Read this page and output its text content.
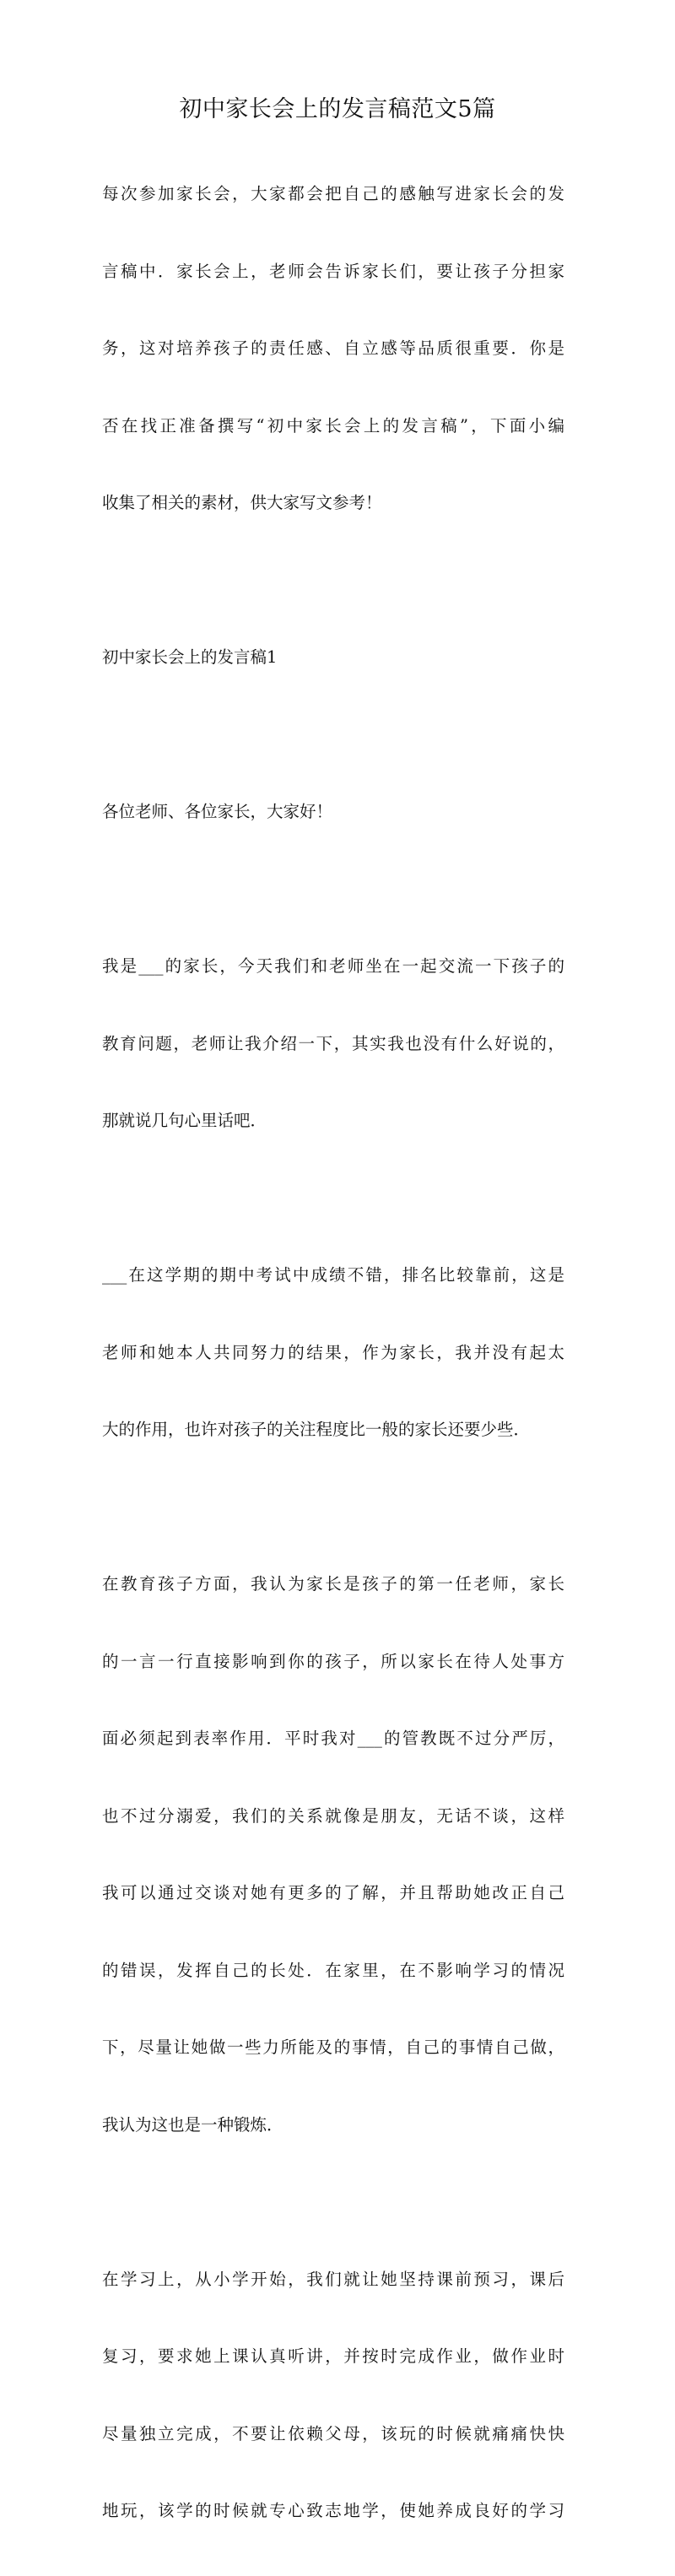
初中家长会上的发言稿范文5篇

每次参加家长会，大家都会把自己的感触写进家长会的发

言稿中．家长会上，老师会告诉家长们，要让孩子分担家

务，这对培养孩子的责任感、自立感等品质很重要．你是

否在找正准备撰写“初中家长会上的发言稿”，下面小编

收集了相关的素材，供大家写文参考！

初中家长会上的发言稿1

各位老师、各位家长，大家好！

我是___的家长，今天我们和老师坐在一起交流一下孩子的

教育问题，老师让我介绍一下，其实我也没有什么好说的，

那就说几句心里话吧．

___在这学期的期中考试中成绩不错，排名比较靠前，这是

老师和她本人共同努力的结果，作为家长，我并没有起太

大的作用，也许对孩子的关注程度比一般的家长还要少些．

在教育孩子方面，我认为家长是孩子的第一任老师，家长

的一言一行直接影响到你的孩子，所以家长在待人处事方

面必须起到表率作用．平时我对___的管教既不过分严厉，

也不过分溺爱，我们的关系就像是朋友，无话不谈，这样

我可以通过交谈对她有更多的了解，并且帮助她改正自己

的错误，发挥自己的长处．在家里，在不影响学习的情况

下，尽量让她做一些力所能及的事情，自己的事情自己做，

我认为这也是一种锻炼．

在学习上，从小学开始，我们就让她坚持课前预习，课后

复习，要求她上课认真听讲，并按时完成作业，做作业时

尽量独立完成，不要让依赖父母，该玩的时候就痛痛快快

地玩，该学的时候就专心致志地学，使她养成良好的学习
